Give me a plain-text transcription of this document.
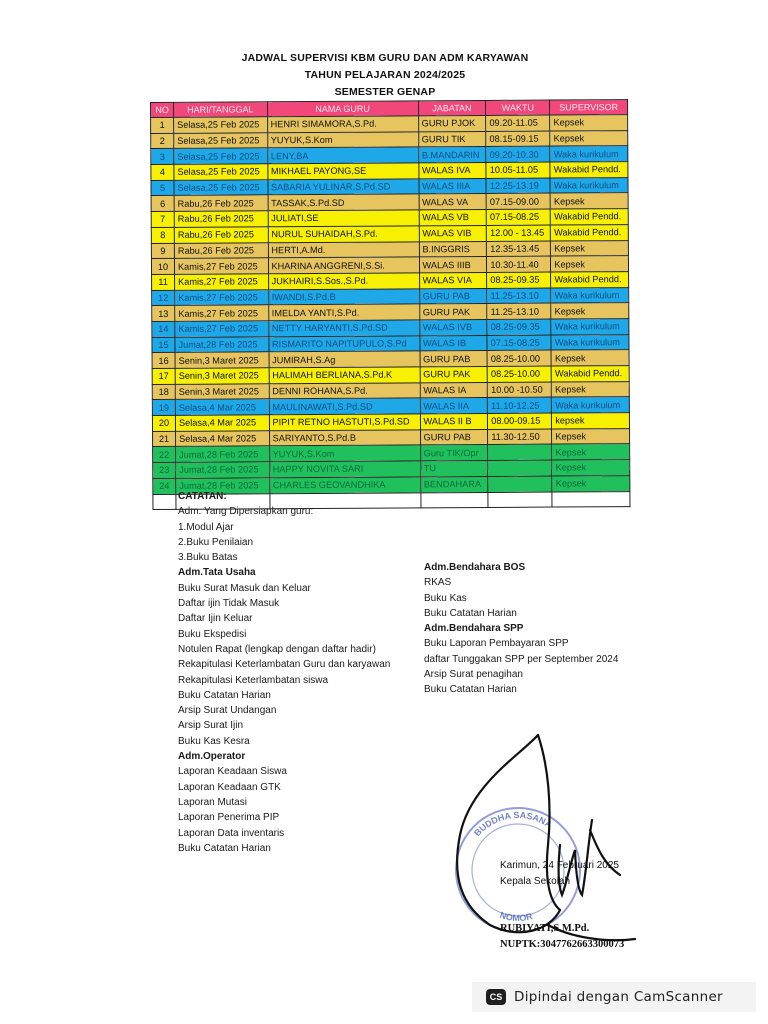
JADWAL SUPERVISI KBM GURU DAN ADM KARYAWAN
TAHUN PELAJARAN 2024/2025
SEMESTER GENAP
NO	HARI/TANGGAL	NAMA GURU	JABATAN	WAKTU	SUPERVISOR
1	Selasa,25 Feb 2025	HENRI SIMAMORA,S.Pd.	GURU PJOK	09.20-11.05	Kepsek
2	Selasa,25 Feb 2025	YUYUK,S.Kom	GURU TIK	08.15-09.15	Kepsek
3	Selasa,25 Feb 2025	LENY,BA	B.MANDARIN	09.20-10.30	Waka kurikulum
4	Selasa,25 Feb 2025	MIKHAEL PAYONG,SE	WALAS IVA	10.05-11.05	Wakabid Pendd.
5	Selasa,25 Feb 2025	SABARIA YULINAR,S.Pd.SD	WALAS IIIA	12.25-13.19	Waka kurikulum
6	Rabu,26 Feb 2025	TASSAK,S.Pd.SD	WALAS VA	07.15-09.00	Kepsek
7	Rabu,26 Feb 2025	JULIATI,SE	WALAS VB	07.15-08.25	Wakabid Pendd.
8	Rabu,26 Feb 2025	NURUL SUHAIDAH,S.Pd.	WALAS VIB	12.00 - 13.45	Wakabid Pendd.
9	Rabu,26 Feb 2025	HERTI,A.Md.	B.INGGRIS	12.35-13.45	Kepsek
10	Kamis,27 Feb 2025	KHARINA ANGGRENI,S.Si.	WALAS IIIB	10.30-11.40	Kepsek
11	Kamis,27 Feb 2025	JUKHAIRI,S.Sos.,S.Pd.	WALAS VIA	08.25-09.35	Wakabid Pendd.
12	Kamis,27 Feb 2025	IWANDI,S.Pd.B	GURU PAB	11.25-13.10	Waka kurikulum
13	Kamis,27 Feb 2025	IMELDA YANTI,S.Pd.	GURU PAK	11.25-13.10	Kepsek
14	Kamis,27 Feb 2025	NETTY HARYANTI,S.Pd.SD	WALAS IVB	08.25-09.35	Waka kurikulum
15	Jumat,28 Feb 2025	RISMARITO NAPITUPULO,S.Pd	WALAS IB	07.15-08.25	Waka kurikulum
16	Senin,3 Maret 2025	JUMIRAH,S.Ag	GURU PAB	08.25-10.00	Kepsek
17	Senin,3 Maret 2025	HALIMAH BERLIANA,S.Pd.K	GURU PAK	08.25-10.00	Wakabid Pendd.
18	Senin,3 Maret 2025	DENNI ROHANA,S.Pd.	WALAS IA	10.00 -10.50	Kepsek
19	Selasa,4 Mar 2025	MAULINAWATI,S.Pd.SD	WALAS IIA	11.10-12.25	Waka kurikulum
20	Selasa,4 Mar 2025	PIPIT RETNO HASTUTI,S.Pd.SD	WALAS II B	08.00-09.15	kepsek
21	Selasa,4 Mar 2025	SARIYANTO,S.Pd.B	GURU PAB	11.30-12.50	Kepsek
22	Jumat,28 Feb 2025	YUYUK,S.Kom	Guru TIK/Opr		Kepsek
23	Jumat,28 Feb 2025	HAPPY NOVITA SARI	TU		Kepsek
24	Jumat,28 Feb 2025	CHARLES GEOVANDHIKA	BENDAHARA		Kepsek

CATATAN:
Adm. Yang Dipersiapkan guru:
1.Modul Ajar
2.Buku Penilaian
3.Buku Batas
Adm.Tata Usaha
Buku Surat Masuk dan Keluar
Daftar ijin Tidak Masuk
Daftar Ijin Keluar
Buku Ekspedisi
Notulen Rapat (lengkap dengan daftar hadir)
Rekapitulasi Keterlambatan Guru dan karyawan
Rekapitulasi Keterlambatan siswa
Buku Catatan Harian
Arsip Surat Undangan
Arsip Surat Ijin
Buku Kas Kesra
Adm.Operator
Laporan Keadaan Siswa
Laporan Keadaan GTK
Laporan Mutasi
Laporan Penerima PIP
Laporan Data inventaris
Buku Catatan Harian
Adm.Bendahara BOS
RKAS
Buku Kas
Buku Catatan Harian
Adm.Bendahara SPP
Buku Laporan Pembayaran SPP
daftar Tunggakan SPP per September 2024
Arsip Surat penagihan
Buku Catatan Harian
BUDDHA SASANA
NOMOR
Karimun, 24 Februari 2025
Kepala Sekolah
RUBIYATI,S.M.Pd.
NUPTK:3047762663300073
CS Dipindai dengan CamScanner
